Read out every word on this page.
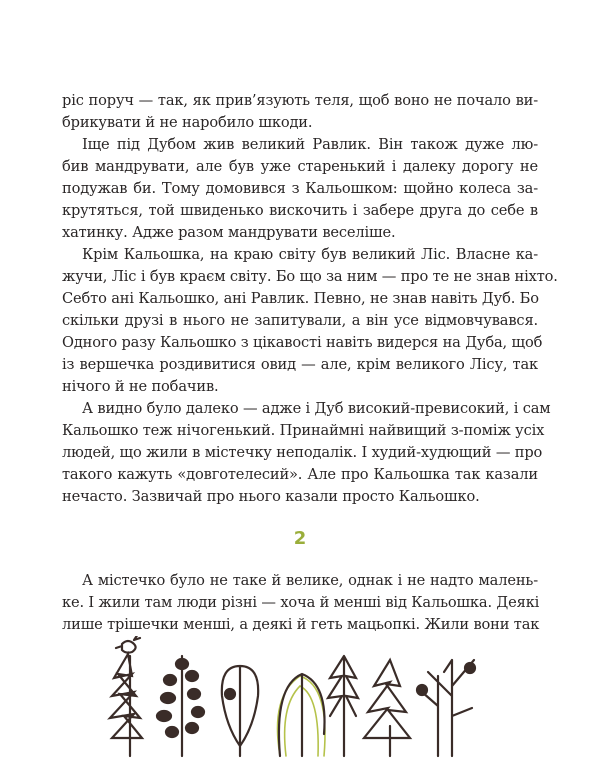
ріс поруч — так, як прив’язують теля, щоб воно не почало ви-
брикувати й не наробило шкоди.
Іще під Дубом жив великий Равлик. Він також дуже лю-
бив мандрувати, але був уже старенький і далеку дорогу не
подужав би. Тому домовився з Кальошком: щойно колеса за-
крутяться, той швиденько вискочить і забере друга до себе в
хатинку. Адже разом мандрувати веселіше.
Крім Кальошка, на краю світу був великий Ліс. Власне ка-
жучи, Ліс і був краєм світу. Бо що за ним — про те не знав ніхто.
Себто ані Кальошко, ані Равлик. Певно, не знав навіть Дуб. Бо
скільки друзі в нього не запитували, а він усе відмовчувався.
Одного разу Кальошко з цікавості навіть видерся на Дуба, щоб
із вершечка роздивитися овид — але, крім великого Лісу, так
нічого й не побачив.
А видно було далеко — адже і Дуб високий-превисокий, і сам
Кальошко теж нічогенький. Принаймні найвищий з-поміж усіх
людей, що жили в містечку неподалік. І худий-худющий — про
такого кажуть «довготелесий». Але про Кальошка так казали
нечасто. Зазвичай про нього казали просто Кальошко.
2
А містечко було не таке й велике, однак і не надто малень-
ке. І жили там люди різні — хоча й менші від Кальошка. Деякі
лише трішечки менші, а деякі й геть мацьопкі. Жили вони так
